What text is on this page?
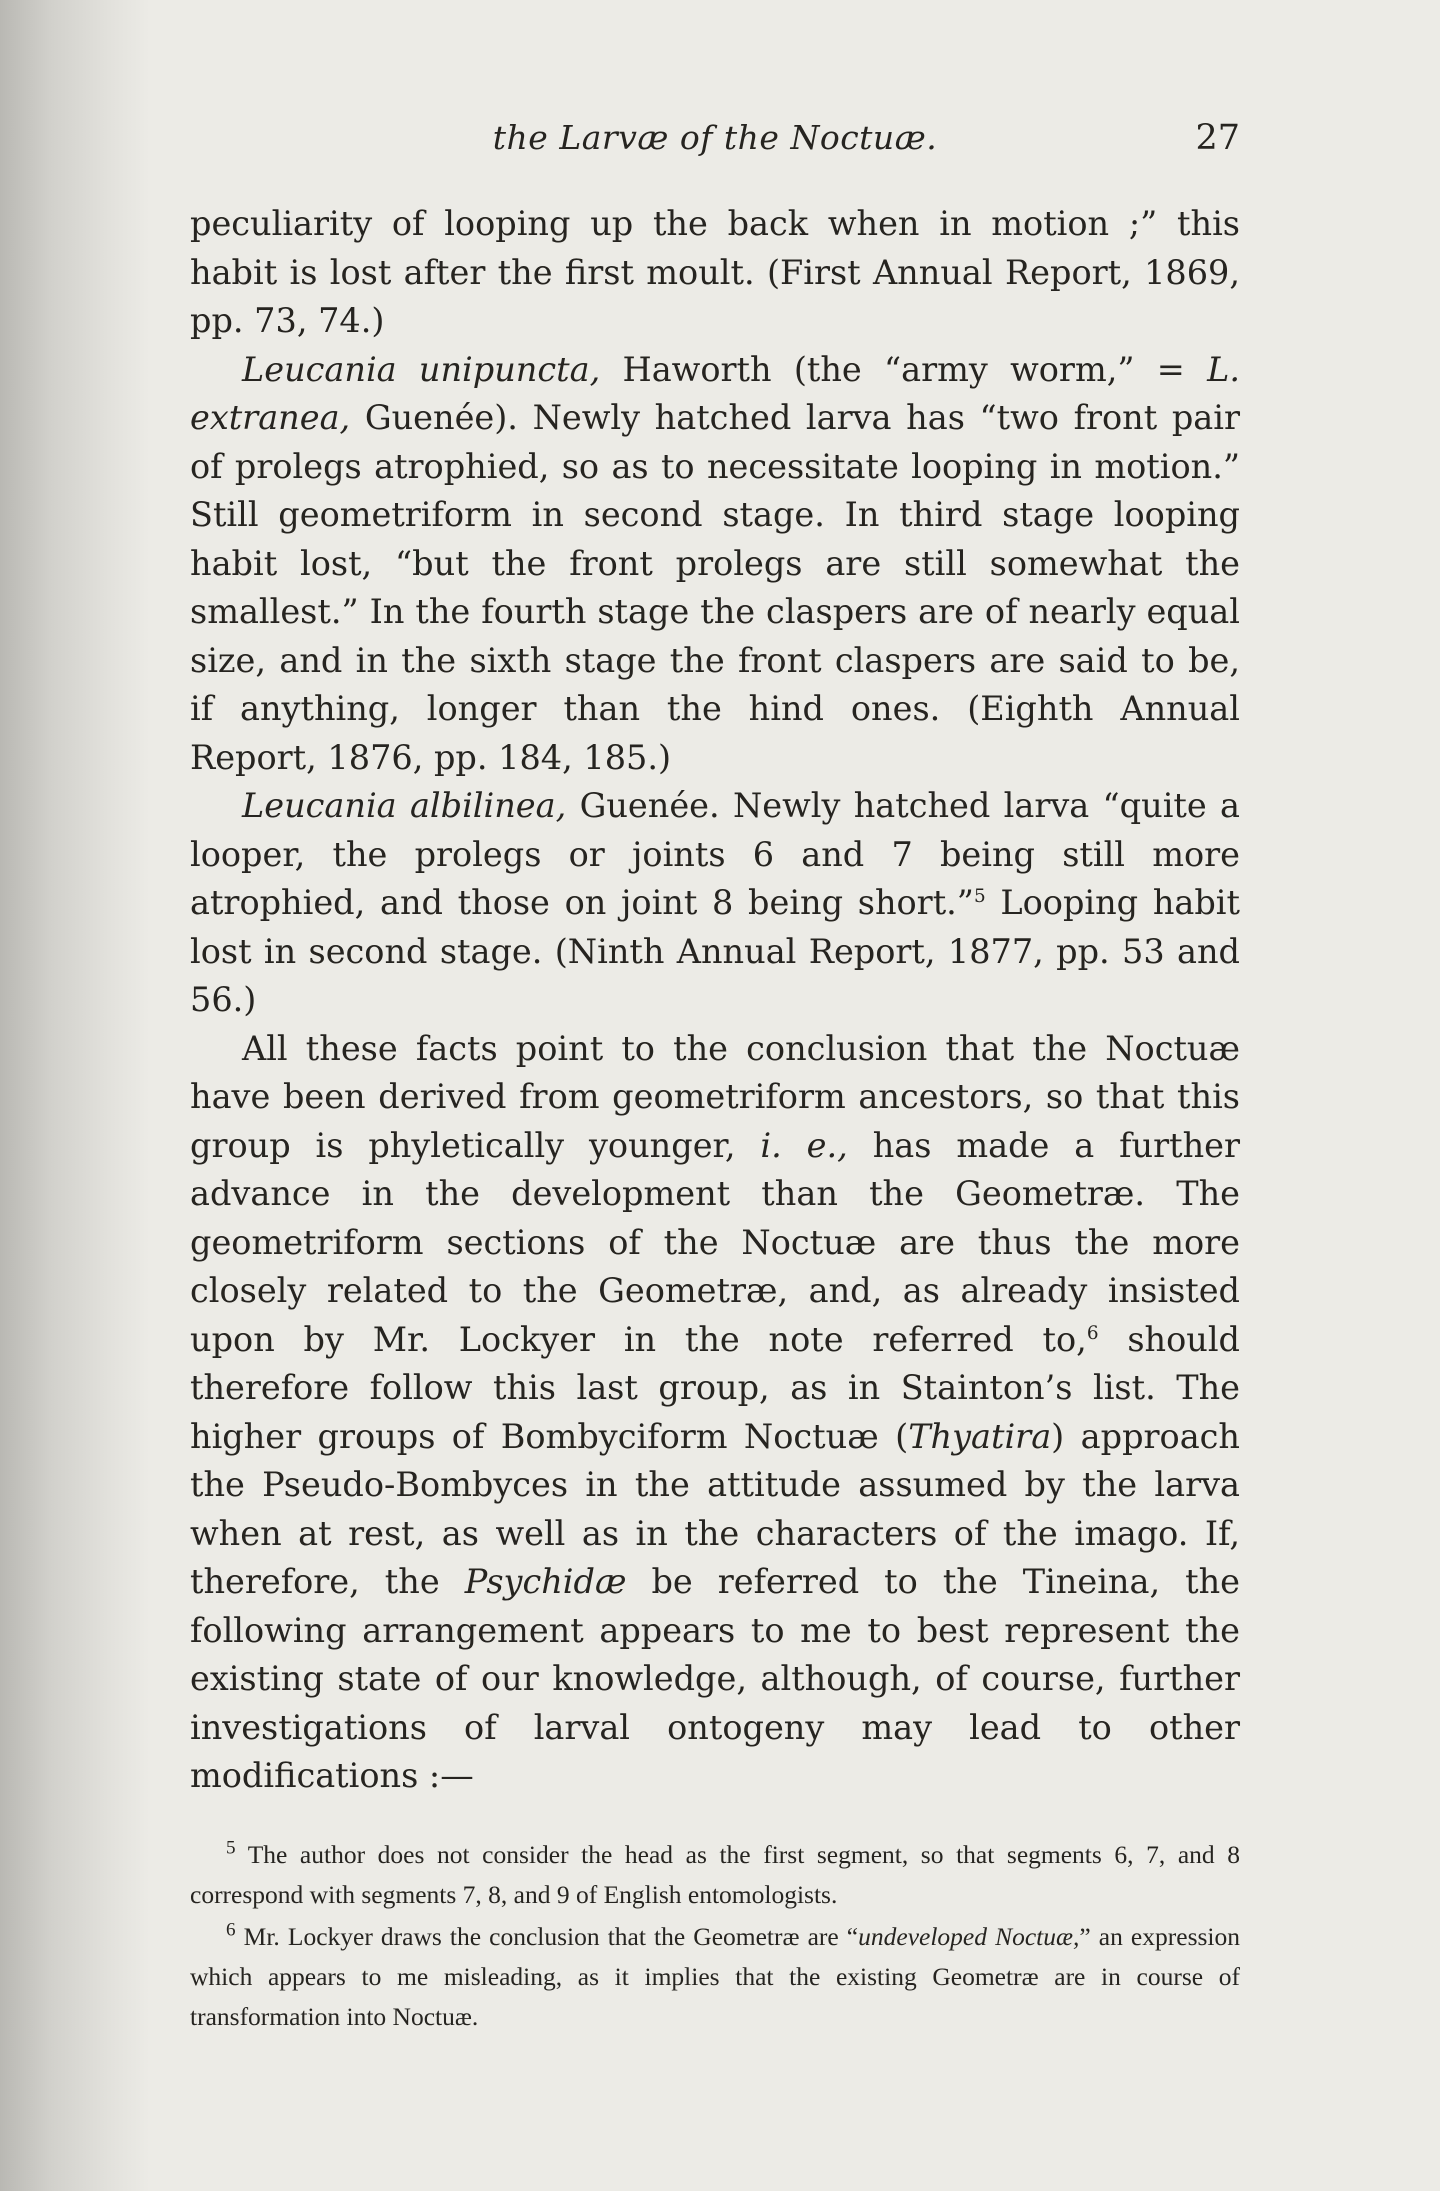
the Larvæ of the Noctuæ.	27

peculiarity of looping up the back when in motion ;” this habit is lost after the first moult. (First Annual Report, 1869, pp. 73, 74.)

Leucania unipuncta, Haworth (the “army worm,” = L. extranea, Guenée). Newly hatched larva has “two front pair of prolegs atrophied, so as to necessitate looping in motion.” Still geometriform in second stage. In third stage looping habit lost, “but the front prolegs are still somewhat the smallest.” In the fourth stage the claspers are of nearly equal size, and in the sixth stage the front claspers are said to be, if anything, longer than the hind ones. (Eighth Annual Report, 1876, pp. 184, 185.)

Leucania albilinea, Guenée. Newly hatched larva “quite a looper, the prolegs or joints 6 and 7 being still more atrophied, and those on joint 8 being short.”$^5$ Looping habit lost in second stage. (Ninth Annual Report, 1877, pp. 53 and 56.)

All these facts point to the conclusion that the Noctuæ have been derived from geometriform ancestors, so that this group is phyletically younger, i. e., has made a further advance in the development than the Geometræ. The geometriform sections of the Noctuæ are thus the more closely related to the Geometræ, and, as already insisted upon by Mr. Lockyer in the note referred to,$^6$ should therefore follow this last group, as in Stainton’s list. The higher groups of Bombyciform Noctuæ (Thyatira) approach the Pseudo-Bombyces in the attitude assumed by the larva when at rest, as well as in the characters of the imago. If, therefore, the Psychidæ be referred to the Tineina, the following arrangement appears to me to best represent the existing state of our knowledge, although, of course, further investigations of larval ontogeny may lead to other modifications :—

$^5$ The author does not consider the head as the first segment, so that segments 6, 7, and 8 correspond with segments 7, 8, and 9 of English entomologists.

$^6$ Mr. Lockyer draws the conclusion that the Geometræ are “undeveloped Noctuæ,” an expression which appears to me misleading, as it implies that the existing Geometræ are in course of transformation into Noctuæ.
